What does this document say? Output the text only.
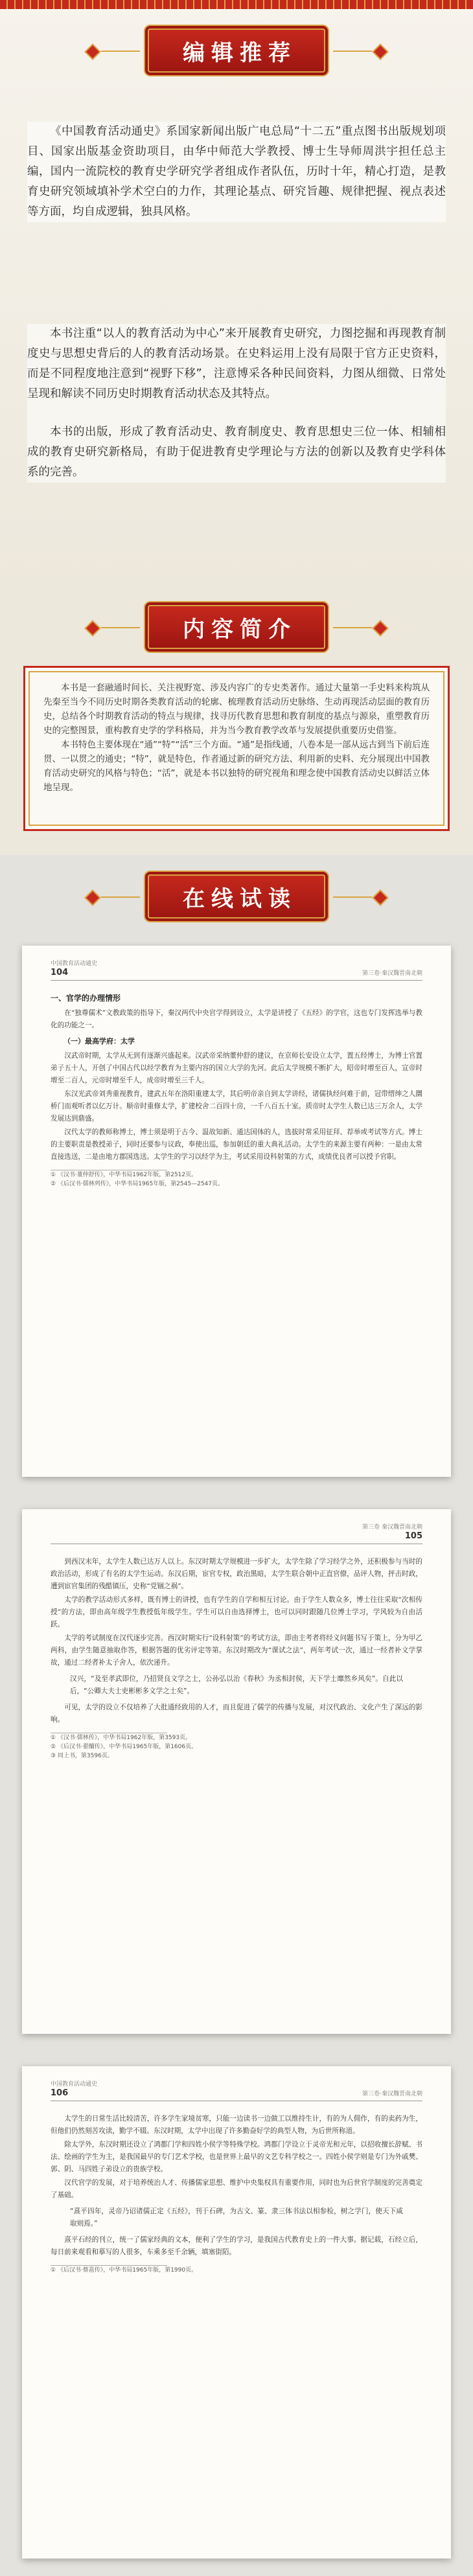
编辑推荐

《中国教育活动通史》系国家新闻出版广电总局“十二五”重点图书出版规划项目、国家出版基金资助项目，由华中师范大学教授、博士生导师周洪宇担任总主编，国内一流院校的教育史学研究学者组成作者队伍，历时十年，精心打造，是教育史研究领域填补学术空白的力作，其理论基点、研究旨趣、规律把握、视点表述等方面，均自成逻辑，独具风格。

本书注重“以人的教育活动为中心”来开展教育史研究，力图挖掘和再现教育制度史与思想史背后的人的教育活动场景。在史料运用上没有局限于官方正史资料，而是不同程度地注意到“视野下移”，注意博采各种民间资料，力图从细微、日常处呈现和解读不同历史时期教育活动状态及其特点。

本书的出版，形成了教育活动史、教育制度史、教育思想史三位一体、相辅相成的教育史研究新格局，有助于促进教育史学理论与方法的创新以及教育史学科体系的完善。

内容简介

本书是一套融通时间长、关注视野宽、涉及内容广的专史类著作。通过大量第一手史料来构筑从先秦至当今不同历史时期各类教育活动的轮廓、梳理教育活动历史脉络、生动再现活动层面的教育历史，总结各个时期教育活动的特点与规律，找寻历代教育思想和教育制度的基点与源泉，重塑教育历史的完整图景，重构教育史学的学科格局，并为当今教育教学改革与发展提供重要历史借鉴。

本书特色主要体现在“通”“特”“活”三个方面。“通”是指线通，八卷本是一部从远古到当下前后连贯、一以贯之的通史；“特”，就是特色，作者通过新的研究方法、利用新的史料、充分展现出中国教育活动史研究的风格与特色；“活”，就是本书以独特的研究视角和理念使中国教育活动史以鲜活立体地呈现。

在线试读
中国教育活动通史
104	第三卷·秦汉魏晋南北朝
一、官学的办理情形

在“独尊儒术”文教政策的指导下，秦汉两代中央官学得到设立，太学是讲授了《五经》的学官，这也专门发挥选举与教化的功能之一。

（一）最高学府：太学

汉武帝时期，太学从无到有逐渐兴盛起来。汉武帝采纳董仲舒的建议，在京师长安设立太学，置五经博士，为博士官置弟子五十人，开创了中国古代以经学教育为主要内容的国立大学的先河。此后太学规模不断扩大，昭帝时增至百人，宣帝时增至二百人，元帝时增至千人，成帝时增至三千人。

东汉光武帝刘秀重视教育，建武五年在洛阳重建太学，其后明帝亲自到太学讲经，诸儒执经问难于前，冠带缙绅之人圜桥门而观听者以亿万计。顺帝时重修太学，扩建校舍二百四十房，一千八百五十室。质帝时太学生人数已达三万余人，太学发展达到鼎盛。

汉代太学的教师称博士，博士须是明于古今、温故知新、通达国体的人，选拔时常采用征拜、荐举或考试等方式。博士的主要职责是教授弟子，同时还要参与议政，奉使出巡，参加朝廷的重大典礼活动。太学生的来源主要有两种：一是由太常直接选送，二是由地方郡国选送。太学生的学习以经学为主，考试采用设科射策的方式，成绩优良者可以授予官职。

① 《汉书·董仲舒传》，中华书局1962年版，第2512页。

② 《后汉书·儒林列传》，中华书局1965年版，第2545—2547页。

第三卷 秦汉魏晋南北朝
105

到西汉末年，太学生人数已达万人以上。东汉时期太学规模进一步扩大，太学生除了学习经学之外，还积极参与当时的政治活动，形成了有名的太学生运动。东汉后期，宦官专权，政治黑暗，太学生联合朝中正直官僚，品评人物，抨击时政，遭到宦官集团的残酷镇压，史称“党锢之祸”。

太学的教学活动形式多样，既有博士的讲授，也有学生的自学和相互讨论。由于学生人数众多，博士往往采取“次相传授”的方法，即由高年级学生教授低年级学生。学生可以自由选择博士，也可以同时跟随几位博士学习，学风较为自由活跃。

太学的考试制度在汉代逐步完善。西汉时期实行“设科射策”的考试方法，即由主考者将经义问题书写于策上，分为甲乙两科，由学生随意抽取作答，根据答题的优劣评定等第。东汉时期改为“课试之法”，两年考试一次，通过一经者补文学掌故，通过二经者补太子舍人，依次递升。

汉兴，“及至孝武即位，乃招贤良文学之士，公孙弘以治《春秋》为丞相封侯，天下学士靡然乡风矣”。自此以后，“公卿大夫士吏彬彬多文学之士矣”。

可见，太学的设立不仅培养了大批通经致用的人才，而且促进了儒学的传播与发展，对汉代政治、文化产生了深远的影响。

① 《汉书·儒林传》，中华书局1962年版，第3593页。

② 《后汉书·翟酺传》，中华书局1965年版，第1606页。

③ 同上书，第3596页。

中国教育活动通史
106	第三卷·秦汉魏晋南北朝

太学生的日常生活比较清苦，许多学生家境贫寒，只能一边读书一边做工以维持生计，有的为人佣作，有的卖药为生，但他们仍然刻苦攻读，勤学不辍。东汉时期，太学中出现了许多勤奋好学的典型人物，为后世所称道。

除太学外，东汉时期还设立了鸿都门学和四姓小侯学等特殊学校。鸿都门学设立于灵帝光和元年，以招收擅长辞赋、书法、绘画的学生为主，是我国最早的专门艺术学校，也是世界上最早的文艺专科学校之一。四姓小侯学则是专门为外戚樊、郭、阴、马四姓子弟设立的贵族学校。

汉代官学的发展，对于培养统治人才、传播儒家思想、维护中央集权具有重要作用，同时也为后世官学制度的完善奠定了基础。

“熹平四年，灵帝乃诏诸儒正定《五经》，刊于石碑，为古文、篆、隶三体书法以相参检，树之学门，使天下咸取则焉。”

熹平石经的刊立，统一了儒家经典的文本，便利了学生的学习，是我国古代教育史上的一件大事。据记载，石经立后，每日前来观看和摹写的人很多，车乘多至千余辆，填塞街陌。

① 《后汉书·蔡邕传》，中华书局1965年版，第1990页。
